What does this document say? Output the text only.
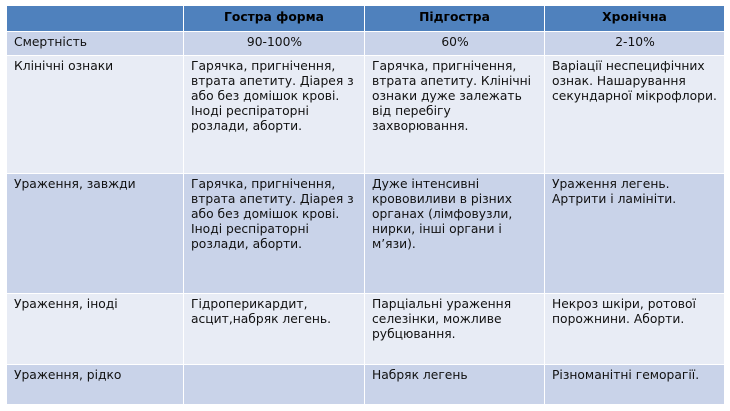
	Гостра форма	Підгостра	Хронічна
Смертність	90-100%	60%	2-10%
Клінічні ознаки	Гарячка, пригнічення, втрата апетиту. Діарея з або без домішок крові. Іноді респіраторні розлади, аборти.	Гарячка, пригнічення, втрата апетиту. Клінічні ознаки дуже залежать від перебігу захворювання.	Варіації неспецифічних ознак. Нашарування секундарної мікрофлори.
Ураження, завжди	Гарячка, пригнічення, втрата апетиту. Діарея з або без домішок крові. Іноді респіраторні розлади, аборти.	Дуже інтенсивні крововиливи в різних органах (лімфовузли, нирки, інші органи і м’язи).	Ураження легень. Артрити і ламініти.
Ураження, іноді	Гідроперикардит, асцит,набряк легень.	Парціальні ураження селезінки, можливе рубцювання.	Некроз шкіри, ротової порожнини. Аборти.
Ураження, рідко		Набряк легень	Різноманітні геморагії.
